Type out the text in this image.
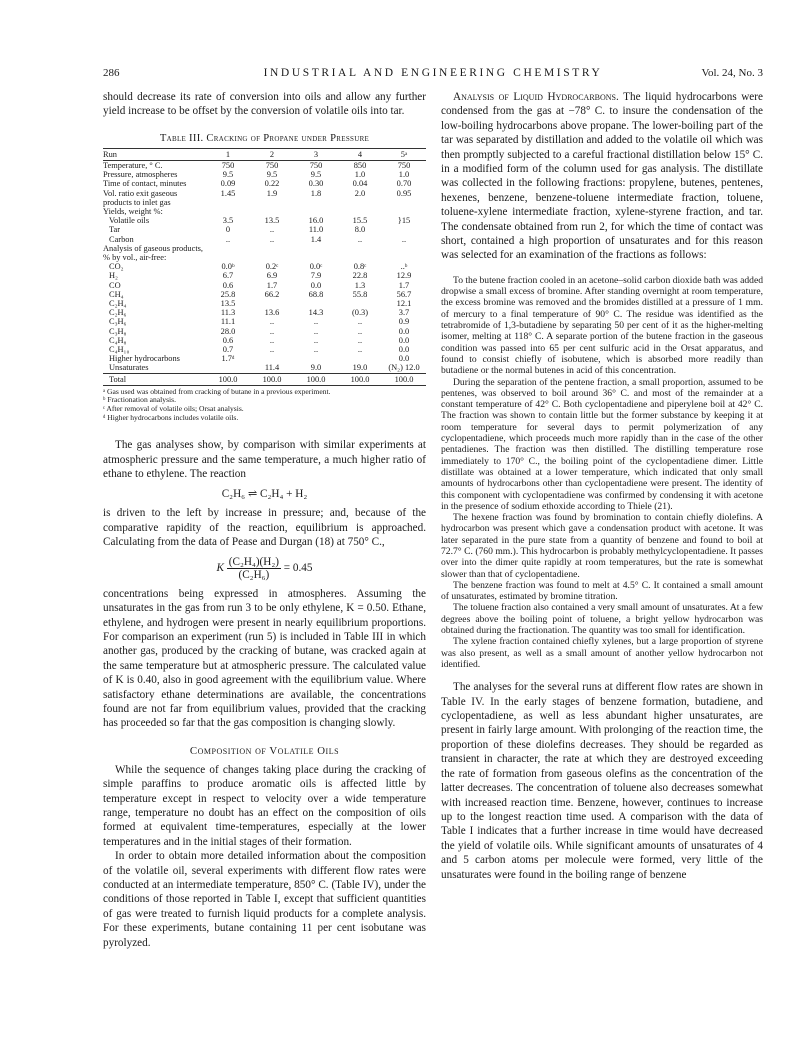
286	INDUSTRIAL AND ENGINEERING CHEMISTRY	Vol. 24, No. 3

should decrease its rate of conversion into oils and allow any further yield increase to be offset by the conversion of volatile oils into tar.

Table III. Cracking of Propane under Pressure
Run	1	2	3	4	5ᵃ
Temperature, ° C.	750	750	750	850	750
Pressure, atmospheres	9.5	9.5	9.5	1.0	1.0
Time of contact, minutes	0.09	0.22	0.30	0.04	0.70
Vol. ratio exit gaseous products to inlet gas	1.45	1.9	1.8	2.0	0.95
Yields, weight %:					
Volatile oils	3.5	13.5	16.0	15.5	}15
Tar	0	..	11.0	8.0	
Carbon	..	..	1.4	..	..
Analysis of gaseous products, % by vol., air-free:					
CO₂	0.0ᵇ	0.2ᶜ	0.0ᶜ	0.8ᶜ	..ᵇ
H₂	6.7	6.9	7.9	22.8	12.9
CO	0.6	1.7	0.0	1.3	1.7
CH₄	25.8	66.2	68.8	55.8	56.7
C₂H₄	13.5				12.1
C₂H₆	11.3	13.6	14.3	(0.3)	3.7
C₃H₆	11.1	..	..	..	0.9
C₃H₈	28.0	..	..	..	0.0
C₄H₈	0.6	..	..	..	0.0
C₄H₁₀	0.7	..	..	..	0.0
Higher hydrocarbons	1.7ᵈ				0.0
Unsaturates		11.4	9.0	19.0	(N₂) 12.0
Total	100.0	100.0	100.0	100.0	100.0
ᵃ Gas used was obtained from cracking of butane in a previous experiment.
ᵇ Fractionation analysis.
ᶜ After removal of volatile oils; Orsat analysis.
ᵈ Higher hydrocarbons includes volatile oils.

The gas analyses show, by comparison with similar experiments at atmospheric pressure and the same temperature, a much higher ratio of ethane to ethylene. The reaction

C₂H₆ ⇌ C₂H₄ + H₂

is driven to the left by increase in pressure; and, because of the comparative rapidity of the reaction, equilibrium is approached. Calculating from the data of Pease and Durgan (18) at 750° C.,

K $\frac{\text{(C₂H₄)(H₂)}}{\text{(C₂H₆)}} = 0.45$

concentrations being expressed in atmospheres. Assuming the unsaturates in the gas from run 3 to be only ethylene, K = 0.50. Ethane, ethylene, and hydrogen were present in nearly equilibrium proportions. For comparison an experiment (run 5) is included in Table III in which another gas, produced by the cracking of butane, was cracked again at the same temperature but at atmospheric pressure. The calculated value of K is 0.40, also in good agreement with the equilibrium value. Where satisfactory ethane determinations are available, the concentrations found are not far from equilibrium values, provided that the cracking has proceeded so far that the gas composition is changing slowly.

Composition of Volatile Oils

While the sequence of changes taking place during the cracking of simple paraffins to produce aromatic oils is affected little by temperature except in respect to velocity over a wide temperature range, temperature no doubt has an effect on the composition of oils formed at equivalent time-temperatures, especially at the lower temperatures and in the initial stages of their formation.

In order to obtain more detailed information about the composition of the volatile oil, several experiments with different flow rates were conducted at an intermediate temperature, 850° C. (Table IV), under the conditions of those reported in Table I, except that sufficient quantities of gas were treated to furnish liquid products for a complete analysis. For these experiments, butane containing 11 per cent isobutane was pyrolyzed.

Analysis of Liquid Hydrocarbons. The liquid hydrocarbons were condensed from the gas at −78° C. to insure the condensation of the low-boiling hydrocarbons above propane. The lower-boiling part of the tar was separated by distillation and added to the volatile oil which was then promptly subjected to a careful fractional distillation below 15° C. in a modified form of the column used for gas analysis. The distillate was collected in the following fractions: propylene, butenes, pentenes, hexenes, benzene, benzene-toluene intermediate fraction, toluene, toluene-xylene intermediate fraction, xylene-styrene fraction, and tar. The condensate obtained from run 2, for which the time of contact was short, contained a high proportion of unsaturates and for this reason was selected for an examination of the fractions as follows:

To the butene fraction cooled in an acetone–solid carbon dioxide bath was added dropwise a small excess of bromine. After standing overnight at room temperature, the excess bromine was removed and the bromides distilled at a pressure of 1 mm. of mercury to a final temperature of 90° C. The residue was identified as the tetrabromide of 1,3-butadiene by separating 50 per cent of it as the higher-melting isomer, melting at 118° C. A separate portion of the butene fraction in the gaseous condition was passed into 65 per cent sulfuric acid in the Orsat apparatus, and found to consist chiefly of isobutene, which is absorbed more readily than butadiene or the normal butenes in acid of this concentration.

During the separation of the pentene fraction, a small proportion, assumed to be pentenes, was observed to boil around 36° C. and most of the remainder at a constant temperature of 42° C. Both cyclopentadiene and piperylene boil at 42° C. The fraction was shown to contain little but the former substance by keeping it at room temperature for several days to permit polymerization of any cyclopentadiene, which proceeds much more rapidly than in the case of the other pentadienes. The fraction was then distilled. The distilling temperature rose immediately to 170° C., the boiling point of the cyclopentadiene dimer. Little distillate was obtained at a lower temperature, which indicated that only small amounts of hydrocarbons other than cyclopentadiene were present. The identity of this component with cyclopentadiene was confirmed by condensing it with acetone in the presence of sodium ethoxide according to Thiele (21).

The hexene fraction was found by bromination to contain chiefly diolefins. A hydrocarbon was present which gave a condensation product with acetone. It was later separated in the pure state from a quantity of benzene and found to boil at 72.7° C. (760 mm.). This hydrocarbon is probably methylcyclopentadiene. It passes over into the dimer quite rapidly at room temperatures, but the rate is somewhat slower than that of cyclopentadiene.

The benzene fraction was found to melt at 4.5° C. It contained a small amount of unsaturates, estimated by bromine titration.

The toluene fraction also contained a very small amount of unsaturates. At a few degrees above the boiling point of toluene, a bright yellow hydrocarbon was obtained during the fractionation. The quantity was too small for identification.

The xylene fraction contained chiefly xylenes, but a large proportion of styrene was also present, as well as a small amount of another yellow hydrocarbon not identified.

The analyses for the several runs at different flow rates are shown in Table IV. In the early stages of benzene formation, butadiene, and cyclopentadiene, as well as less abundant higher unsaturates, are present in fairly large amount. With prolonging of the reaction time, the proportion of these diolefins decreases. They should be regarded as transient in character, the rate at which they are destroyed exceeding the rate of formation from gaseous olefins as the concentration of the latter decreases. The concentration of toluene also decreases somewhat with increased reaction time. Benzene, however, continues to increase up to the longest reaction time used. A comparison with the data of Table I indicates that a further increase in time would have decreased the yield of volatile oils. While significant amounts of unsaturates of 4 and 5 carbon atoms per molecule were formed, very little of the unsaturates were found in the boiling range of benzene
